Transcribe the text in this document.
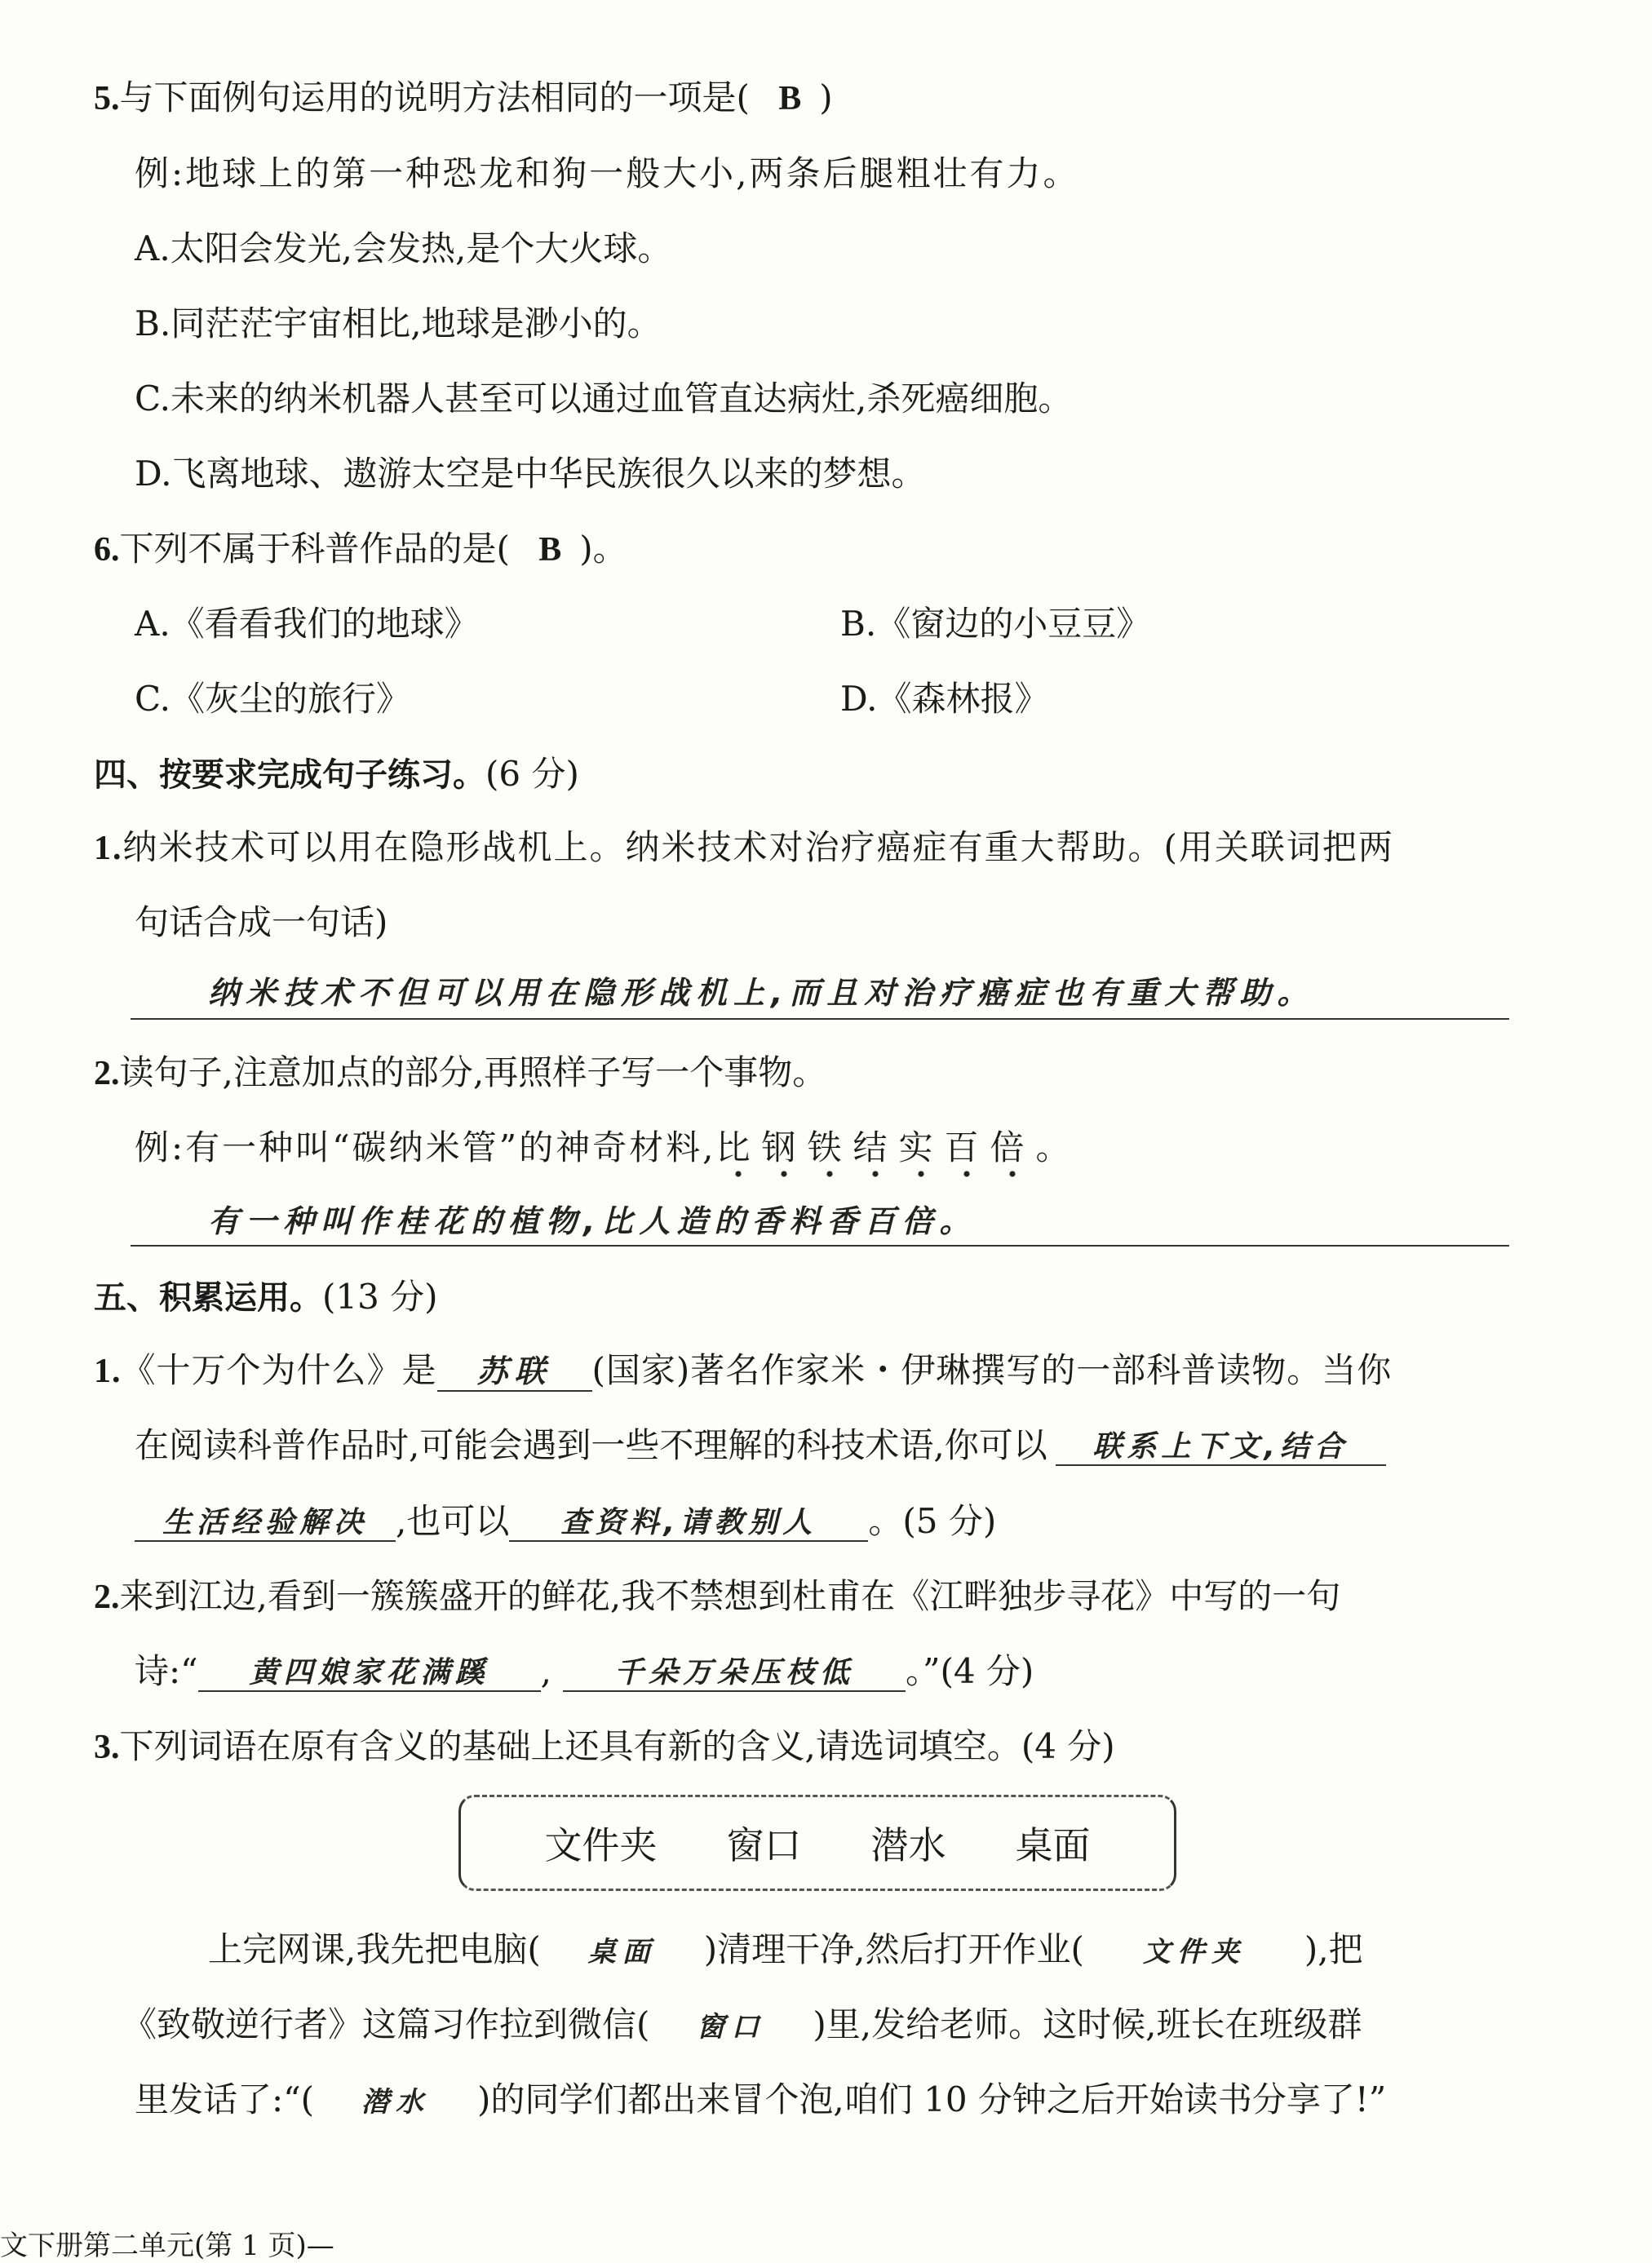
5.与下面例句运用的说明方法相同的一项是( B )
例:地球上的第一种恐龙和狗一般大小,两条后腿粗壮有力。
A.太阳会发光,会发热,是个大火球。
B.同茫茫宇宙相比,地球是渺小的。
C.未来的纳米机器人甚至可以通过血管直达病灶,杀死癌细胞。
D.飞离地球、遨游太空是中华民族很久以来的梦想。
6.下列不属于科普作品的是( B )。
A.《看看我们的地球》	B.《窗边的小豆豆》
C.《灰尘的旅行》	D.《森林报》
四、按要求完成句子练习。(6 分)
1.纳米技术可以用在隐形战机上。纳米技术对治疗癌症有重大帮助。(用关联词把两
句话合成一句话)
纳米技术不但可以用在隐形战机上,而且对治疗癌症也有重大帮助。
2.读句子,注意加点的部分,再照样子写一个事物。
例:有一种叫“碳纳米管”的神奇材料,比钢铁结实百倍
。
有一种叫作桂花的植物,比人造的香料香百倍。
五、积累运用。(13 分)
1.《十万个为什么》是 苏联 (国家)著名作家米・伊琳撰写的一部科普读物。当你
在阅读科普作品时,可能会遇到一些不理解的科技术语,你可以 联系上下文,结合
生活经验解决 ,也可以 查资料,请教别人 。(5 分)
2.来到江边,看到一簇簇盛开的鲜花,我不禁想到杜甫在《江畔独步寻花》中写的一句
诗:“ 黄四娘家花满蹊 , 千朵万朵压枝低 。”(4 分)
3.下列词语在原有含义的基础上还具有新的含义,请选词填空。(4 分)
文件夹 窗口 潜水 桌面
上完网课,我先把电脑( 桌面 )清理干净,然后打开作业( 文件夹 ),把
《致敬逆行者》这篇习作拉到微信( 窗口 )里,发给老师。这时候,班长在班级群
里发话了:“( 潜水 )的同学们都出来冒个泡,咱们 10 分钟之后开始读书分享了!”
文下册第二单元(第 1 页)—
